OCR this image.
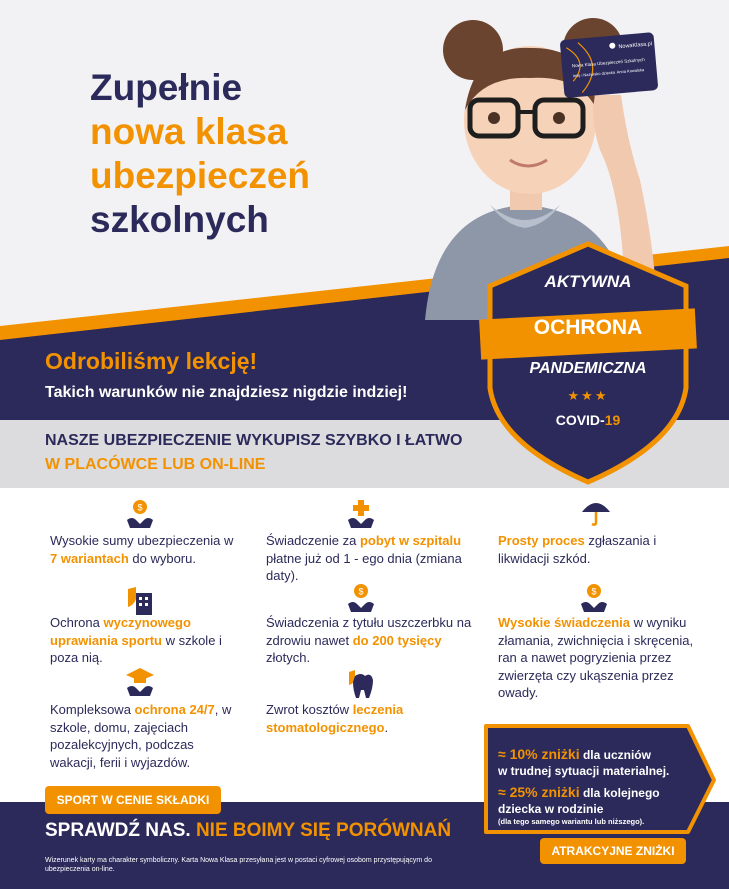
NowaKlasa.pl
Nowa Klasa Ubezpieczeń Szkolnych
Imię i Nazwisko dziecka Anna Kowalska
Zupełnie
nowa klasa
ubezpieczeń
szkolnych
Odrobiliśmy lekcję!
Takich warunków nie znajdziesz nigdzie indziej!
NASZE UBEZPIECZENIE WYKUPISZ SZYBKO I ŁATWO
W PLACÓWCE LUB ON-LINE
AKTYWNA
OCHRONA
PANDEMICZNA
★★★
COVID-19
$
$	$
Wysokie sumy ubezpieczenia w 7 wariantach do wyboru.
Świadczenie za pobyt w szpitalu płatne już od 1 - ego dnia (zmiana daty).
Prosty proces zgłaszania i likwidacji szkód.
Ochrona wyczynowego uprawiania sportu w szkole i poza nią.
Świadczenia z tytułu uszczerbku na zdrowiu nawet do 200 tysięcy złotych.
Wysokie świadczenia w wyniku złamania, zwichnięcia i skręcenia, ran a nawet pogryzienia przez zwierzęta czy ukąszenia przez owady.
Kompleksowa ochrona 24/7, w szkole, domu, zajęciach pozalekcyjnych, podczas wakacji, ferii i wyjazdów.
Zwrot kosztów leczenia stomatologicznego.
SPORT W CENIE SKŁADKI
SPRAWDŹ NAS. NIE BOIMY SIĘ PORÓWNAŃ
Wizerunek karty ma charakter symboliczny. Karta Nowa Klasa przesyłana jest w postaci cyfrowej osobom przystępującym do ubezpieczenia on-line.
≈ 10% zniżki dla uczniów
w trudnej sytuacji materialnej.
≈ 25% zniżki dla kolejnego
dziecka w rodzinie
(dla tego samego wariantu lub niższego).
ATRAKCYJNE ZNIŻKI
